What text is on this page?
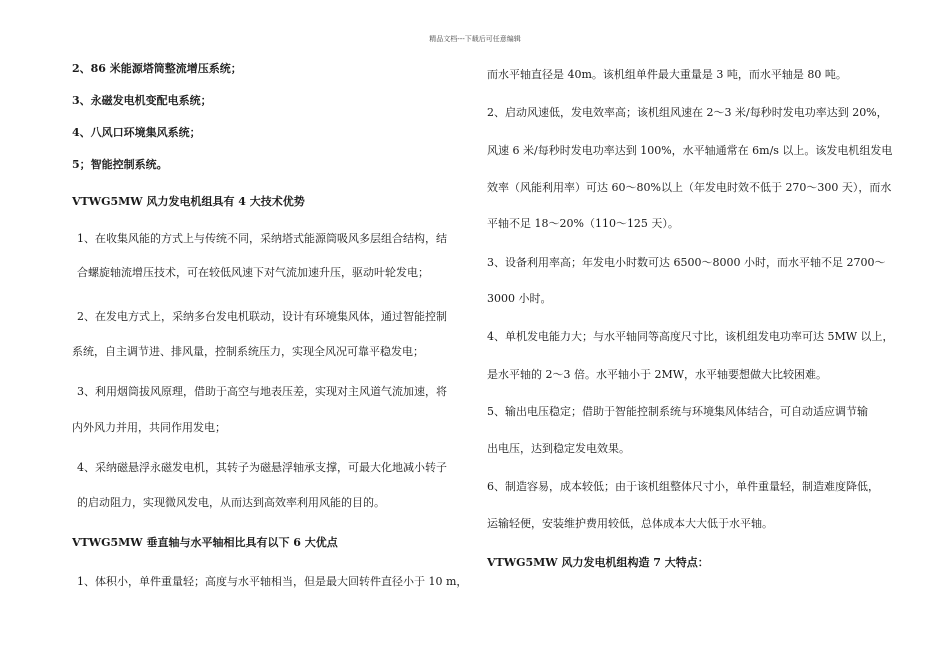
精品文档---下载后可任意编辑
2、86 米能源塔筒整流增压系统；
3、永磁发电机变配电系统；
4、八风口环境集风系统；
5；智能控制系统。
VTWG5MW 风力发电机组具有 4 大技术优势
1、在收集风能的方式上与传统不同，采纳塔式能源筒吸风多层组合结构，结
合螺旋轴流增压技术，可在较低风速下对气流加速升压，驱动叶轮发电；
2、在发电方式上，采纳多台发电机联动，设计有环境集风体，通过智能控制
系统，自主调节进、排风量，控制系统压力，实现全风况可靠平稳发电；
3、利用烟筒拔风原理，借助于高空与地表压差，实现对主风道气流加速，将
内外风力并用，共同作用发电；
4、采纳磁悬浮永磁发电机，其转子为磁悬浮轴承支撑，可最大化地减小转子
的启动阻力，实现微风发电，从而达到高效率利用风能的目的。
VTWG5MW 垂直轴与水平轴相比具有以下 6 大优点
1、体积小，单件重量轻；高度与水平轴相当，但是最大回转件直径小于 10 m，
而水平轴直径是 40m。该机组单件最大重量是 3 吨，而水平轴是 80 吨。
2、启动风速低，发电效率高；该机组风速在 2～3 米/每秒时发电功率达到 20%，
风速 6 米/每秒时发电功率达到 100%，水平轴通常在 6m/s 以上。该发电机组发电
效率（风能利用率）可达 60～80%以上（年发电时效不低于 270～300 天），而水
平轴不足 18～20%（110～125 天）。
3、设备利用率高；年发电小时数可达 6500～8000 小时，而水平轴不足 2700～
3000 小时。
4、单机发电能力大；与水平轴同等高度尺寸比，该机组发电功率可达 5MW 以上，
是水平轴的 2～3 倍。水平轴小于 2MW，水平轴要想做大比较困难。
5、输出电压稳定；借助于智能控制系统与环境集风体结合，可自动适应调节输
出电压，达到稳定发电效果。
6、制造容易，成本较低；由于该机组整体尺寸小，单件重量轻，制造难度降低，
运输轻便，安装维护费用较低，总体成本大大低于水平轴。
VTWG5MW 风力发电机组构造 7 大特点：
